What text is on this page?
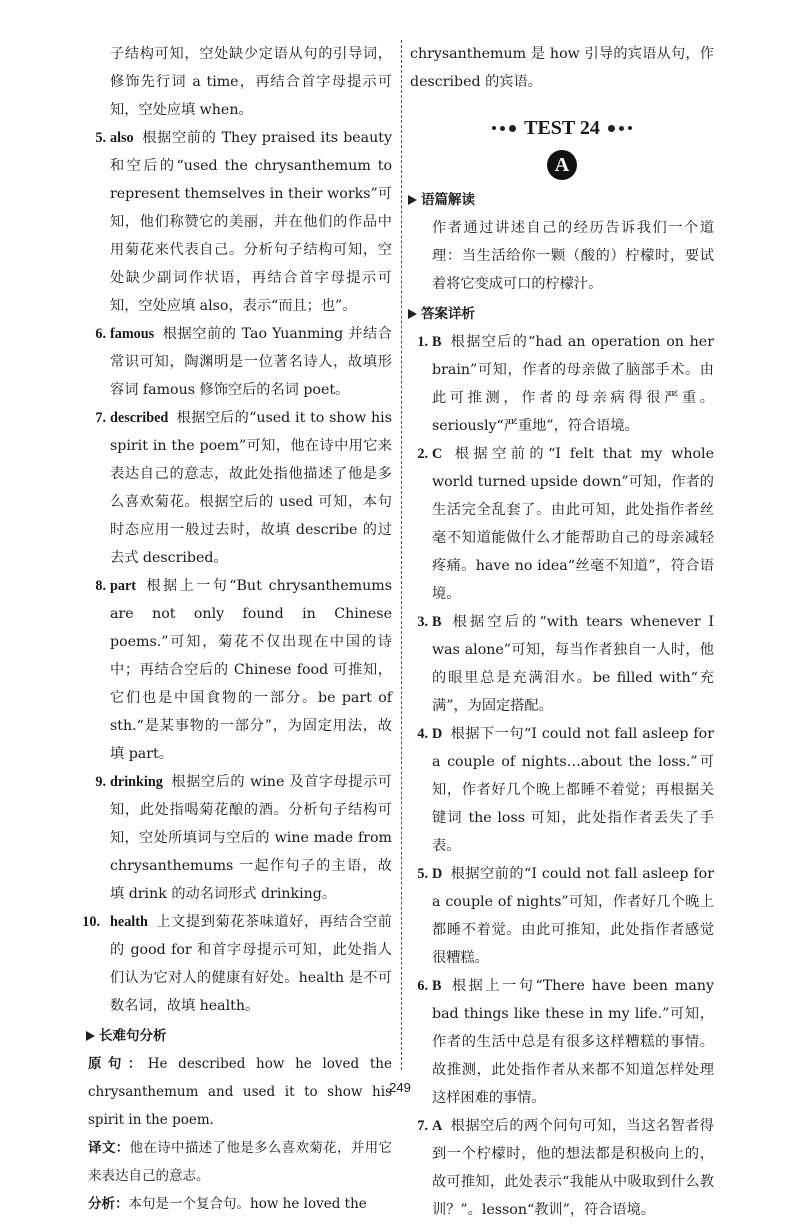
子结构可知，空处缺少定语从句的引导词，修饰先行词 a time，再结合首字母提示可知，空处应填 when。

5. also 根据空前的 They praised its beauty 和空后的“used the chrysanthemum to represent themselves in their works”可知，他们称赞它的美丽，并在他们的作品中用菊花来代表自己。分析句子结构可知，空处缺少副词作状语，再结合首字母提示可知，空处应填 also，表示“而且；也”。
6. famous 根据空前的 Tao Yuanming 并结合常识可知，陶渊明是一位著名诗人，故填形容词 famous 修饰空后的名词 poet。
7. described 根据空后的“used it to show his spirit in the poem”可知，他在诗中用它来表达自己的意志，故此处指他描述了他是多么喜欢菊花。根据空后的 used 可知，本句时态应用一般过去时，故填 describe 的过去式 described。
8. part 根据上一句“But chrysanthemums are not only found in Chinese poems.”可知，菊花不仅出现在中国的诗中；再结合空后的 Chinese food 可推知，它们也是中国食物的一部分。be part of sth.“是某事物的一部分”，为固定用法，故填 part。
9. drinking 根据空后的 wine 及首字母提示可知，此处指喝菊花酿的酒。分析句子结构可知，空处所填词与空后的 wine made from chrysanthemums 一起作句子的主语，故填 drink 的动名词形式 drinking。
10. health 上文提到菊花茶味道好，再结合空前的 good for 和首字母提示可知，此处指人们认为它对人的健康有好处。health 是不可数名词，故填 health。
长难句分析

原句：He described how he loved the chrysanthemum and used it to show his spirit in the poem.

译文：他在诗中描述了他是多么喜欢菊花，并用它来表达自己的意志。

分析：本句是一个复合句。how he loved the

chrysanthemum 是 how 引导的宾语从句，作 described 的宾语。

TEST 24
A
语篇解读

作者通过讲述自己的经历告诉我们一个道理：当生活给你一颗（酸的）柠檬时，要试着将它变成可口的柠檬汁。

答案详析
1. B 根据空后的“had an operation on her brain”可知，作者的母亲做了脑部手术。由此可推测，作者的母亲病得很严重。seriously“严重地”，符合语境。
2. C 根据空前的“I felt that my whole world turned upside down”可知，作者的生活完全乱套了。由此可知，此处指作者丝毫不知道能做什么才能帮助自己的母亲减轻疼痛。have no idea“丝毫不知道”，符合语境。
3. B 根据空后的“with tears whenever I was alone”可知，每当作者独自一人时，他的眼里总是充满泪水。be filled with“充满”，为固定搭配。
4. D 根据下一句“I could not fall asleep for a couple of nights…about the loss.”可知，作者好几个晚上都睡不着觉；再根据关键词 the loss 可知，此处指作者丢失了手表。
5. D 根据空前的“I could not fall asleep for a couple of nights”可知，作者好几个晚上都睡不着觉。由此可推知，此处指作者感觉很糟糕。
6. B 根据上一句“There have been many bad things like these in my life.”可知，作者的生活中总是有很多这样糟糕的事情。故推测，此处指作者从来都不知道怎样处理这样困难的事情。
7. A 根据空后的两个问句可知，当这名智者得到一个柠檬时，他的想法都是积极向上的，故可推知，此处表示“我能从中吸取到什么教训？”。lesson“教训”，符合语境。
249
